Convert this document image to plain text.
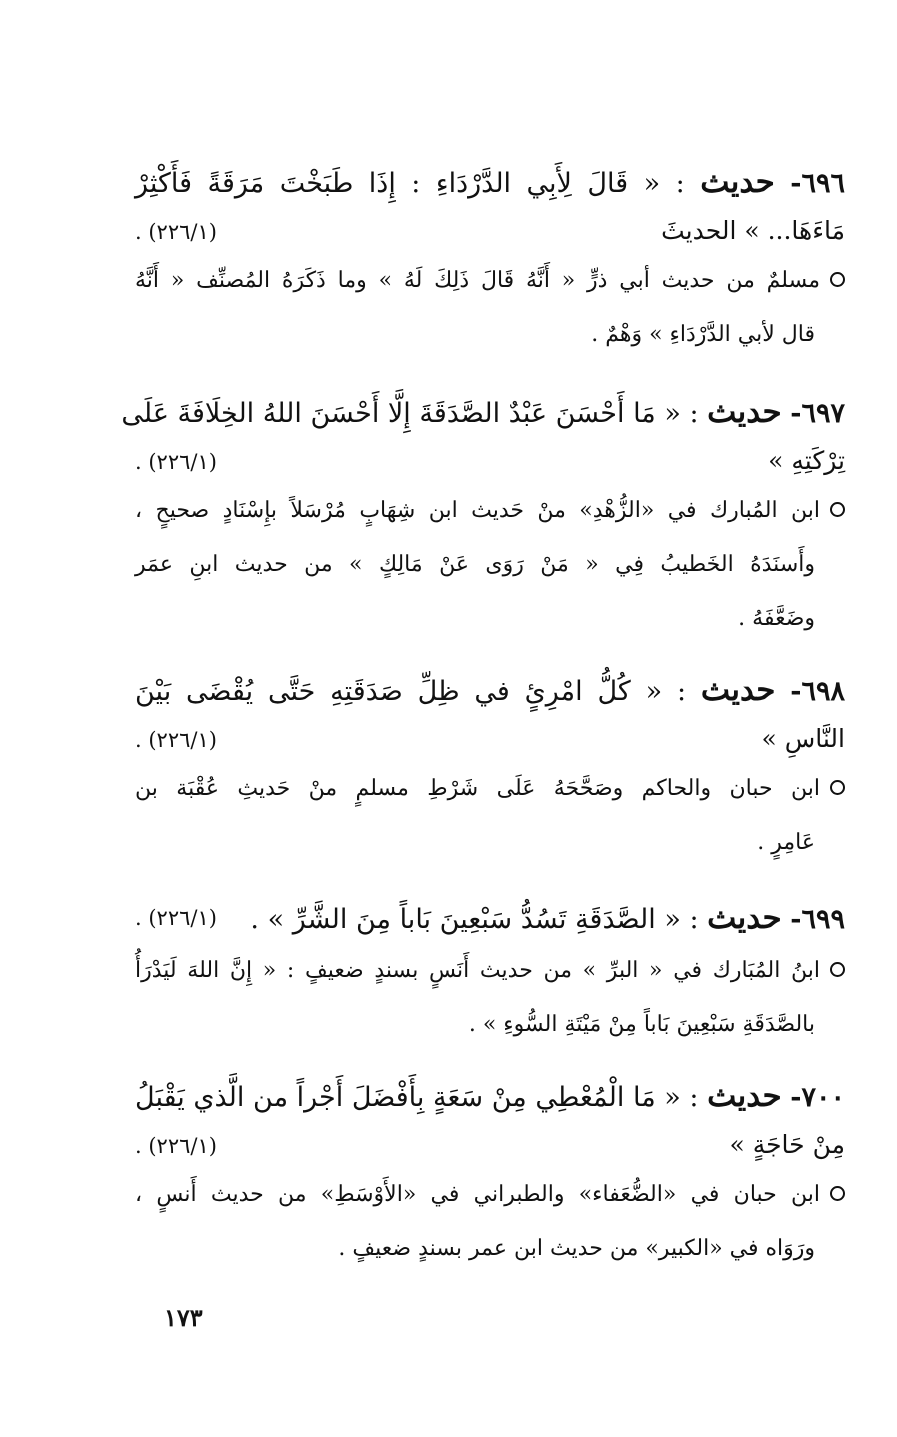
٦٩٦- حديث : « قَالَ لِأَبِي الدَّرْدَاءِ : إِذَا طَبَخْتَ مَرَقَةً فَأَكْثِرْ
مَاءَهَا... » الحديثَ
(٢٢٦/١) .
مسلمٌ من حديث أبي ذرٍّ « أَنَّهُ قَالَ ذَلِكَ لَهُ » وما ذَكَرَهُ المُصنِّف « أَنَّهُ
قال لأبي الدَّرْدَاءِ » وَهْمٌ .
٦٩٧- حديث : « مَا أَحْسَنَ عَبْدٌ الصَّدَقَةَ إِلَّا أَحْسَنَ اللهُ الخِلَافَةَ عَلَى
تِرْكَتِهِ »
(٢٢٦/١) .
ابن المُبارك في «الزُّهْدِ» منْ حَديث ابن شِهَابٍ مُرْسَلاً بإِسْنَادٍ صحيحٍ ،
وأَسنَدَهُ الخَطيبُ فِي « مَنْ رَوَى عَنْ مَالِكٍ » من حديث ابنِ عمَر
وضَعَّفَهُ .
٦٩٨- حديث : « كُلُّ امْرِئٍ في ظِلِّ صَدَقَتِهِ حَتَّى يُقْضَى بَيْنَ
النَّاسِ »
(٢٢٦/١) .
ابن حبان والحاكم وصَحَّحَهُ عَلَى شَرْطِ مسلمٍ منْ حَديثِ عُقْبَة بن
عَامِرٍ .
٦٩٩- حديث : « الصَّدَقَةِ تَسُدُّ سَبْعِينَ بَاباً مِنَ الشَّرِّ » .
(٢٢٦/١) .
ابنُ المُبَارك في « البرِّ » من حديث أَنَسٍ بسندٍ ضعيفٍ : « إِنَّ اللهَ لَيَدْرَأُ
بالصَّدَقَةِ سَبْعِينَ بَاباً مِنْ مَيْتَةِ السُّوءِ » .
٧٠٠- حديث : « مَا الْمُعْطِي مِنْ سَعَةٍ بِأَفْضَلَ أَجْراً من الَّذي يَقْبَلُ
مِنْ حَاجَةٍ »
(٢٢٦/١) .
ابن حبان في «الضُّعَفاء» والطبراني في «الأَوْسَطِ» من حديث أَنسٍ ،
ورَوَاه في «الكبير» من حديث ابن عمر بسندٍ ضعيفٍ .
١٧٣
